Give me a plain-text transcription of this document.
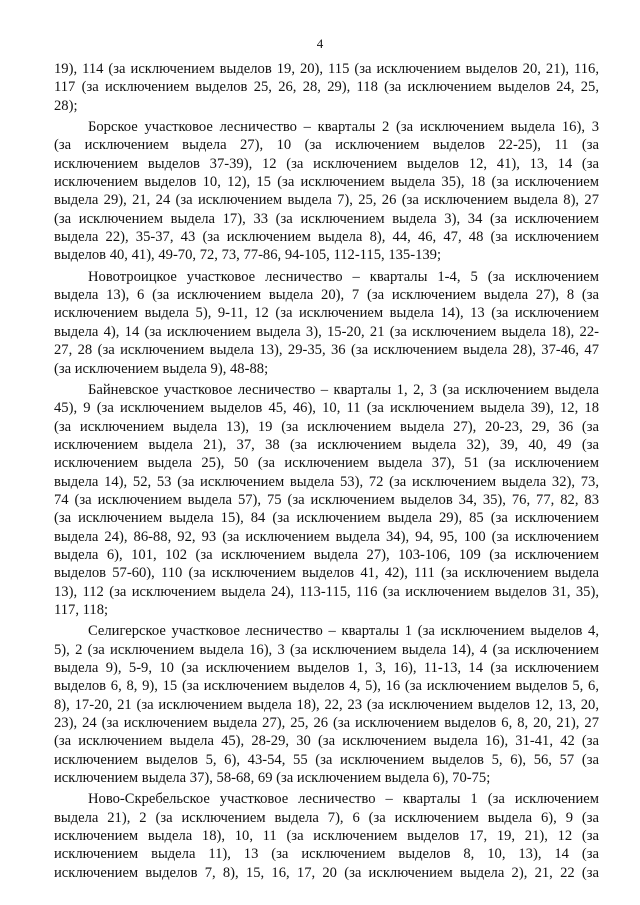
4
19), 114 (за исключением выделов 19, 20), 115 (за исключением выделов 20, 21), 116,
117 (за исключением выделов 25, 26, 28, 29), 118 (за исключением выделов 24, 25,
28);
Борское участковое лесничество – кварталы 2 (за исключением выдела 16), 3
(за исключением выдела 27), 10 (за исключением выделов 22-25), 11 (за
исключением выделов 37-39), 12 (за исключением выделов 12, 41), 13, 14 (за
исключением выделов 10, 12), 15 (за исключением выдела 35), 18 (за исключением
выдела 29), 21, 24 (за исключением выдела 7), 25, 26 (за исключением выдела 8), 27
(за исключением выдела 17), 33 (за исключением выдела 3), 34 (за исключением
выдела 22), 35-37, 43 (за исключением выдела 8), 44, 46, 47, 48 (за исключением
выделов 40, 41), 49-70, 72, 73, 77-86, 94-105, 112-115, 135-139;
Новотроицкое участковое лесничество – кварталы 1-4, 5 (за исключением
выдела 13), 6 (за исключением выдела 20), 7 (за исключением выдела 27), 8 (за
исключением выдела 5), 9-11, 12 (за исключением выдела 14), 13 (за исключением
выдела 4), 14 (за исключением выдела 3), 15-20, 21 (за исключением выдела 18), 22-
27, 28 (за исключением выдела 13), 29-35, 36 (за исключением выдела 28), 37-46, 47
(за исключением выдела 9), 48-88;
Байневское участковое лесничество – кварталы 1, 2, 3 (за исключением выдела
45), 9 (за исключением выделов 45, 46), 10, 11 (за исключением выдела 39), 12, 18
(за исключением выдела 13), 19 (за исключением выдела 27), 20-23, 29, 36 (за
исключением выдела 21), 37, 38 (за исключением выдела 32), 39, 40, 49 (за
исключением выдела 25), 50 (за исключением выдела 37), 51 (за исключением
выдела 14), 52, 53 (за исключением выдела 53), 72 (за исключением выдела 32), 73,
74 (за исключением выдела 57), 75 (за исключением выделов 34, 35), 76, 77, 82, 83
(за исключением выдела 15), 84 (за исключением выдела 29), 85 (за исключением
выдела 24), 86-88, 92, 93 (за исключением выдела 34), 94, 95, 100 (за исключением
выдела 6), 101, 102 (за исключением выдела 27), 103-106, 109 (за исключением
выделов 57-60), 110 (за исключением выделов 41, 42), 111 (за исключением выдела
13), 112 (за исключением выдела 24), 113-115, 116 (за исключением выделов 31, 35),
117, 118;
Селигерское участковое лесничество – кварталы 1 (за исключением выделов 4,
5), 2 (за исключением выдела 16), 3 (за исключением выдела 14), 4 (за исключением
выдела 9), 5-9, 10 (за исключением выделов 1, 3, 16), 11-13, 14 (за исключением
выделов 6, 8, 9), 15 (за исключением выделов 4, 5), 16 (за исключением выделов 5, 6,
8), 17-20, 21 (за исключением выдела 18), 22, 23 (за исключением выделов 12, 13, 20,
23), 24 (за исключением выдела 27), 25, 26 (за исключением выделов 6, 8, 20, 21), 27
(за исключением выдела 45), 28-29, 30 (за исключением выдела 16), 31-41, 42 (за
исключением выделов 5, 6), 43-54, 55 (за исключением выделов 5, 6), 56, 57 (за
исключением выдела 37), 58-68, 69 (за исключением выдела 6), 70-75;
Ново-Скребельское участковое лесничество – кварталы 1 (за исключением
выдела 21), 2 (за исключением выдела 7), 6 (за исключением выдела 6), 9 (за
исключением выдела 18), 10, 11 (за исключением выделов 17, 19, 21), 12 (за
исключением выдела 11), 13 (за исключением выделов 8, 10, 13), 14 (за
исключением выделов 7, 8), 15, 16, 17, 20 (за исключением выдела 2), 21, 22 (за
